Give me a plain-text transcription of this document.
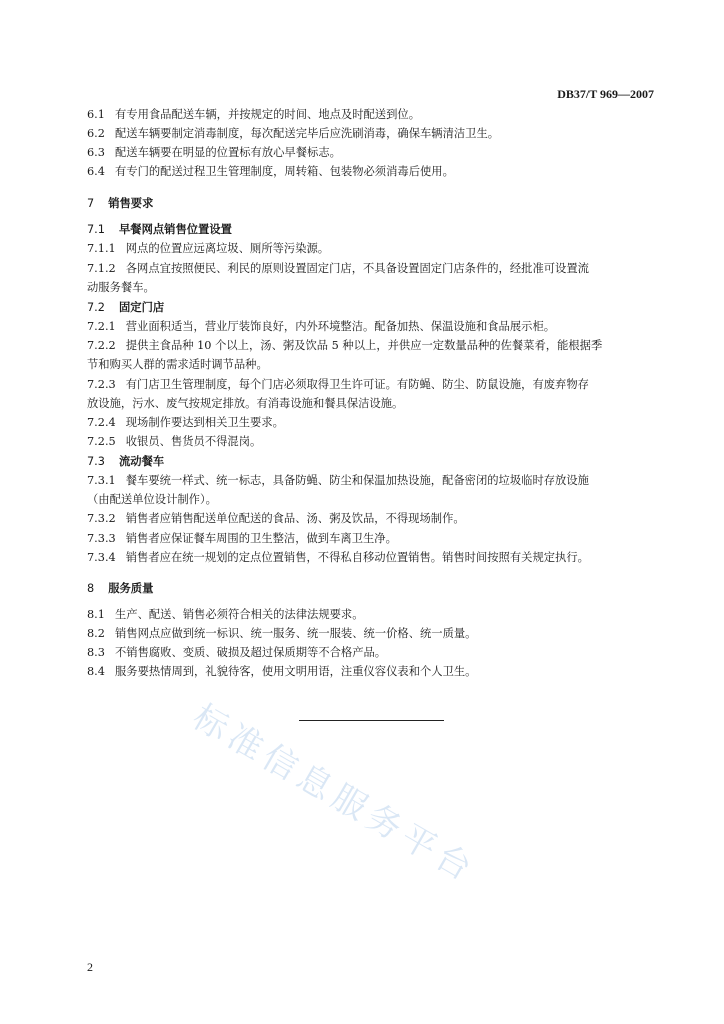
DB37/T 969—2007
6.1 有专用食品配送车辆，并按规定的时间、地点及时配送到位。
6.2 配送车辆要制定消毒制度，每次配送完毕后应洗刷消毒，确保车辆清洁卫生。
6.3 配送车辆要在明显的位置标有放心早餐标志。
6.4 有专门的配送过程卫生管理制度，周转箱、包装物必须消毒后使用。
7 销售要求
7.1 早餐网点销售位置设置
7.1.1 网点的位置应远离垃圾、厕所等污染源。
7.1.2 各网点宜按照便民、利民的原则设置固定门店，不具备设置固定门店条件的，经批准可设置流
动服务餐车。
7.2 固定门店
7.2.1 营业面积适当，营业厅装饰良好，内外环境整洁。配备加热、保温设施和食品展示柜。
7.2.2 提供主食品种 10 个以上，汤、粥及饮品 5 种以上，并供应一定数量品种的佐餐菜肴，能根据季
节和购买人群的需求适时调节品种。
7.2.3 有门店卫生管理制度，每个门店必须取得卫生许可证。有防蝇、防尘、防鼠设施，有废弃物存
放设施，污水、废气按规定排放。有消毒设施和餐具保洁设施。
7.2.4 现场制作要达到相关卫生要求。
7.2.5 收银员、售货员不得混岗。
7.3 流动餐车
7.3.1 餐车要统一样式、统一标志，具备防蝇、防尘和保温加热设施，配备密闭的垃圾临时存放设施
（由配送单位设计制作）。
7.3.2 销售者应销售配送单位配送的食品、汤、粥及饮品，不得现场制作。
7.3.3 销售者应保证餐车周围的卫生整洁，做到车离卫生净。
7.3.4 销售者应在统一规划的定点位置销售，不得私自移动位置销售。销售时间按照有关规定执行。
8 服务质量
8.1 生产、配送、销售必须符合相关的法律法规要求。
8.2 销售网点应做到统一标识、统一服务、统一服装、统一价格、统一质量。
8.3 不销售腐败、变质、破损及超过保质期等不合格产品。
8.4 服务要热情周到，礼貌待客，使用文明用语，注重仪容仪表和个人卫生。
标准信息服务平台
2
